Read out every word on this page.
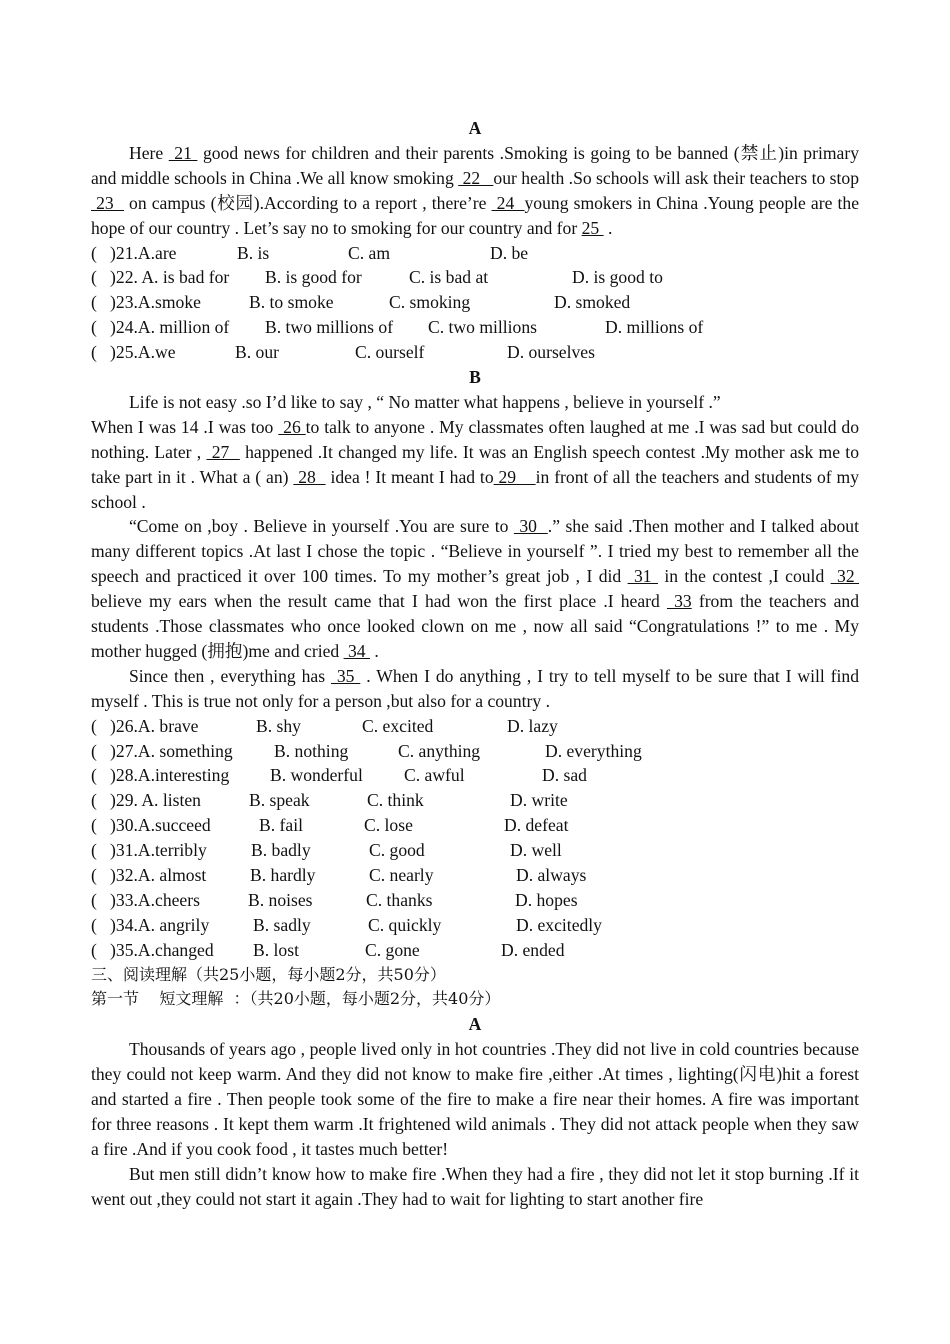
A
Here  21  good news for children and their parents .Smoking is going to be banned (禁止)in primary and middle schools in China .We all know smoking  22   our health .So schools will ask their teachers to stop  23   on campus (校园).According to a report , there’re  24  young smokers in China .Young people are the hope of our country . Let’s say no to smoking for our country and for 25  .
(   )21.A.are	B. is	C. am	D. be
(   )22. A. is bad for B. is good for	C. is bad at	D. is good to
(   )23.A.smoke	B. to smoke	C. smoking	D. smoked
(   )24.A. million of B. two millions of C. two millions	D. millions of
(   )25.A.we	B. our	C. ourself	D. ourselves
B
Life is not easy .so I’d like to say , “ No matter what happens , believe in yourself .”
When I was 14 .I was too  26 to talk to anyone . My classmates often laughed at me .I was sad but could do nothing. Later ,  27   happened .It changed my life. It was an English speech contest .My mother ask me to take part in it . What a ( an)  28   idea ! It meant I had to 29    in front of all the teachers and students of my school .
“Come on ,boy . Believe in yourself .You are sure to  30  .” she said .Then mother and I talked about many different topics .At last I chose the topic . “Believe in yourself ”. I tried my best to remember all the speech and practiced it over 100 times. To my mother’s great job , I did  31  in the contest ,I could  32  believe my ears when the result came that I had won the first place .I heard  33 from the teachers and students .Those classmates who once looked clown on me , now all said “Congratulations !” to me . My mother hugged (拥抱)me and cried  34  .
Since then , everything has  35  . When I do anything , I try to tell myself to be sure that I will find myself . This is true not only for a person ,but also for a country .
(   )26.A. brave	B. shy	C. excited	D. lazy
(   )27.A. something B. nothing	C. anything	D. everything
(   )28.A.interesting B. wonderful C. awful	D. sad
(   )29. A. listen	B. speak	C. think	D. write
(   )30.A.succeed	B. fail	C. lose	D. defeat
(   )31.A.terribly	B. badly	C. good	D. well
(   )32.A. almost B. hardly	C. nearly	D. always
(   )33.A.cheers	B. noises	C. thanks	D. hopes
(   )34.A. angrily B. sadly	C. quickly	D. excitedly
(   )35.A.changed B. lost	C. gone	D. ended
三、阅读理解（共25小题，每小题2分，共50分）
第一节    短文理解  ：（共20小题，每小题2分，共40分）
A
Thousands of years ago , people lived only in hot countries .They did not live in cold countries because they could not keep warm. And they did not know to make fire ,either .At times , lighting(闪电)hit a forest and started a fire . Then people took some of the fire to make a fire near their homes. A fire was important for three reasons . It kept them warm .It frightened wild animals . They did not attack people when they saw a fire .And if you cook food , it tastes much better!
But men still didn’t know how to make fire .When they had a fire , they did not let it stop burning .If it went out ,they could not start it again .They had to wait for lighting to start another fire
